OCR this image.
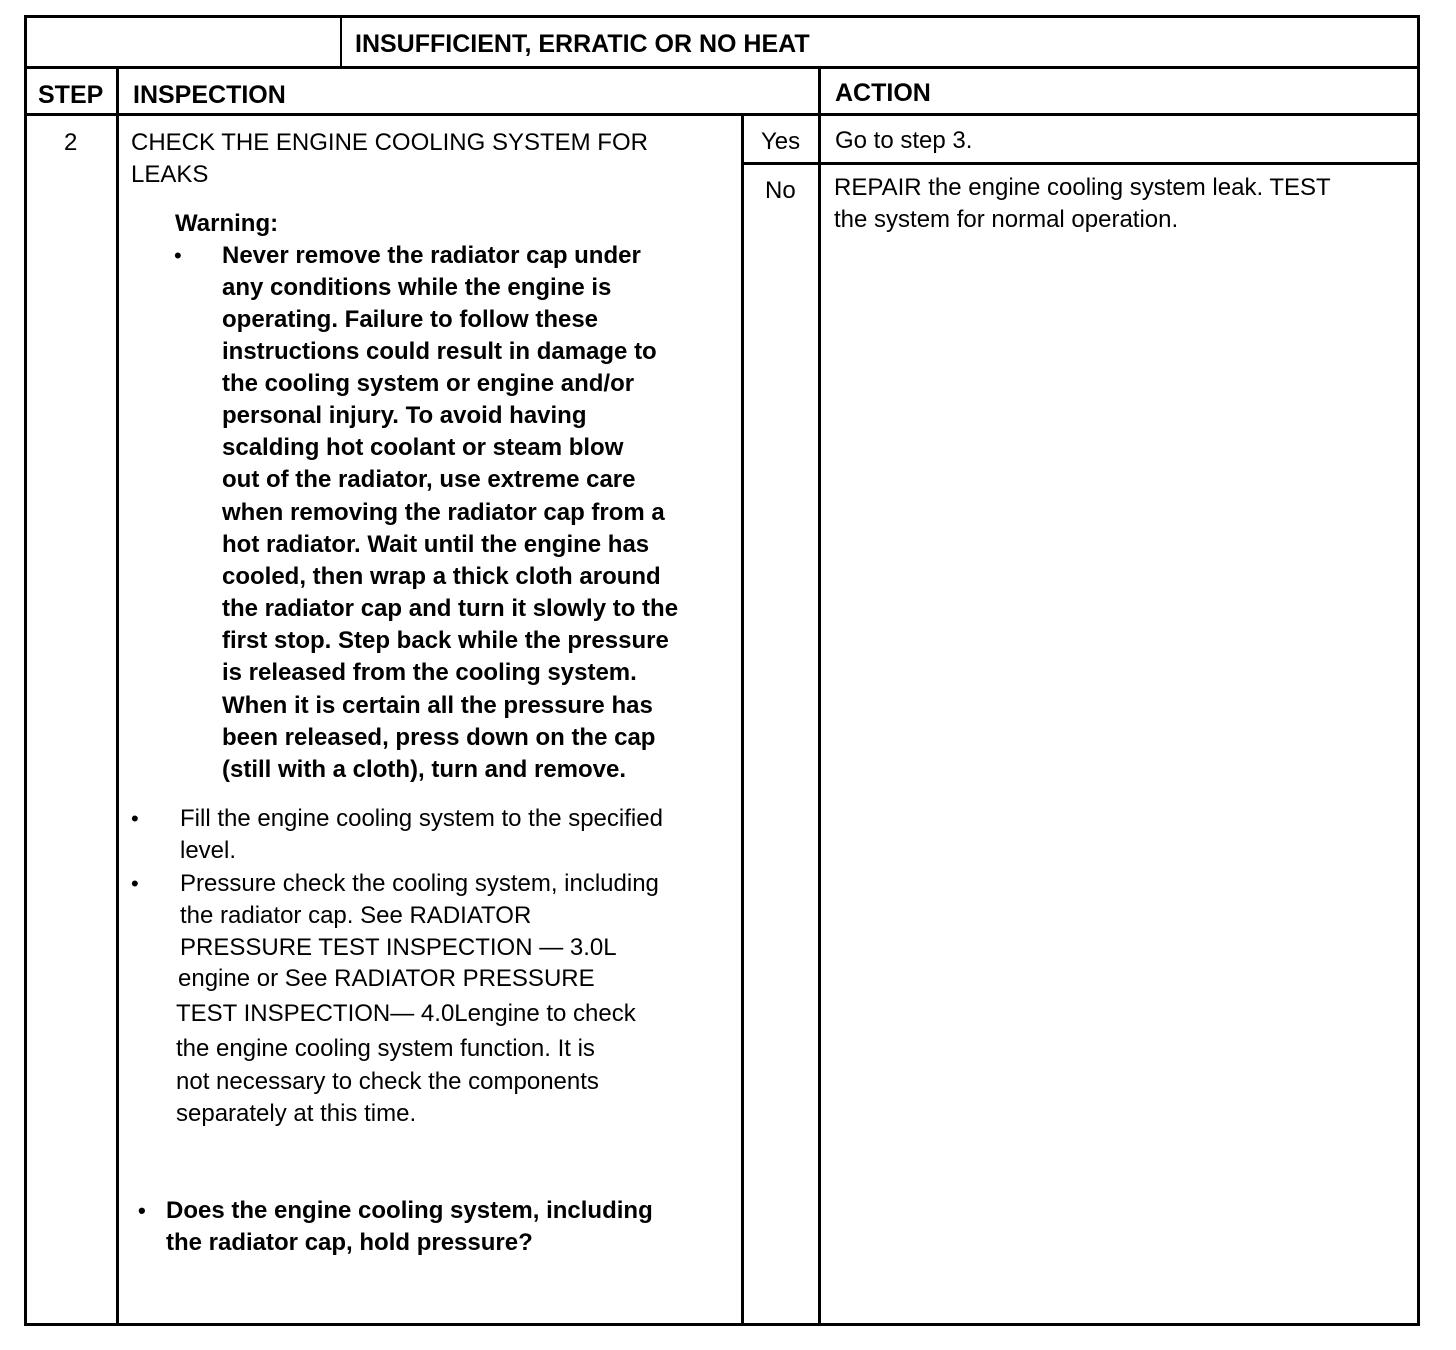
INSUFFICIENT, ERRATIC OR NO HEAT
STEP INSPECTION	ACTION
2 CHECK THE ENGINE COOLING SYSTEM FOR
LEAKS
Warning:
• Never remove the radiator cap under
any conditions while the engine is
operating. Failure to follow these
instructions could result in damage to
the cooling system or engine and/or
personal injury. To avoid having
scalding hot coolant or steam blow
out of the radiator, use extreme care
when removing the radiator cap from a
hot radiator. Wait until the engine has
cooled, then wrap a thick cloth around
the radiator cap and turn it slowly to the
first stop. Step back while the pressure
is released from the cooling system.
When it is certain all the pressure has
been released, press down on the cap
(still with a cloth), turn and remove.
• Fill the engine cooling system to the specified
level.
• Pressure check the cooling system, including
the radiator cap. See RADIATOR
PRESSURE TEST INSPECTION — 3.0L
engine or See RADIATOR PRESSURE
TEST INSPECTION— 4.0Lengine to check
the engine cooling system function. It is
not necessary to check the components
separately at this time.
• Does the engine cooling system, including
the radiator cap, hold pressure?
Yes Go to step 3.
No REPAIR the engine cooling system leak. TEST
the system for normal operation.
